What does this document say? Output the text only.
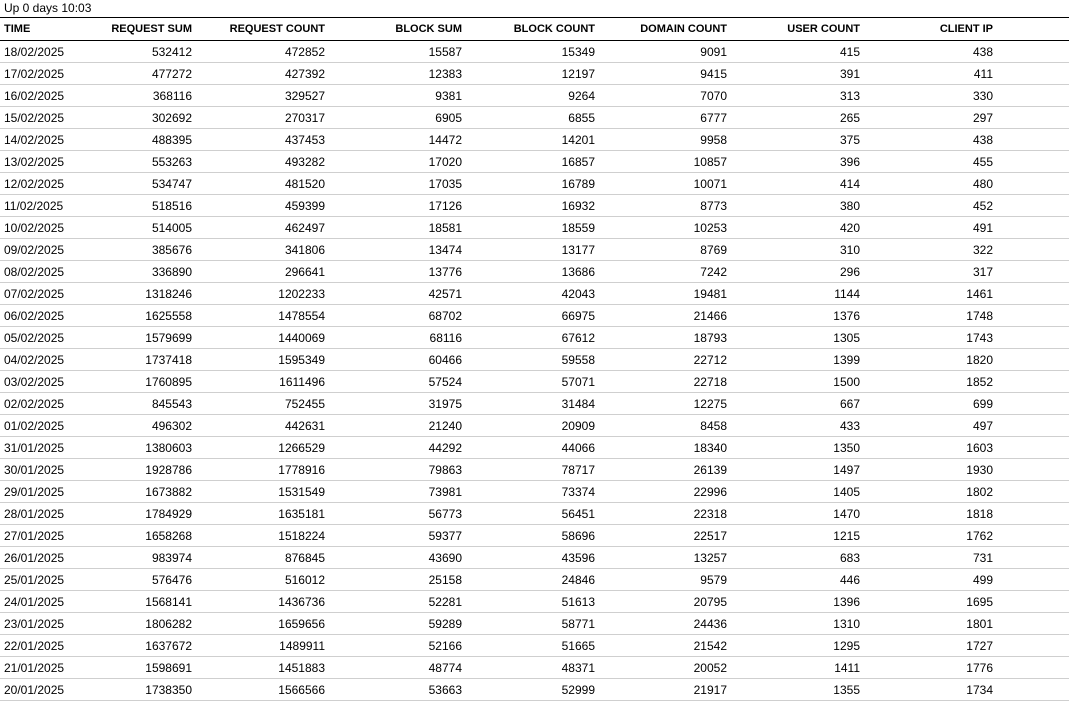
Up 0 days 10:03
TIME	REQUEST SUM	REQUEST COUNT	BLOCK SUM	BLOCK COUNT	DOMAIN COUNT	USER COUNT	CLIENT IP	
18/02/2025	532412	472852	15587	15349	9091	415	438	
17/02/2025	477272	427392	12383	12197	9415	391	411	
16/02/2025	368116	329527	9381	9264	7070	313	330	
15/02/2025	302692	270317	6905	6855	6777	265	297	
14/02/2025	488395	437453	14472	14201	9958	375	438	
13/02/2025	553263	493282	17020	16857	10857	396	455	
12/02/2025	534747	481520	17035	16789	10071	414	480	
11/02/2025	518516	459399	17126	16932	8773	380	452	
10/02/2025	514005	462497	18581	18559	10253	420	491	
09/02/2025	385676	341806	13474	13177	8769	310	322	
08/02/2025	336890	296641	13776	13686	7242	296	317	
07/02/2025	1318246	1202233	42571	42043	19481	1144	1461	
06/02/2025	1625558	1478554	68702	66975	21466	1376	1748	
05/02/2025	1579699	1440069	68116	67612	18793	1305	1743	
04/02/2025	1737418	1595349	60466	59558	22712	1399	1820	
03/02/2025	1760895	1611496	57524	57071	22718	1500	1852	
02/02/2025	845543	752455	31975	31484	12275	667	699	
01/02/2025	496302	442631	21240	20909	8458	433	497	
31/01/2025	1380603	1266529	44292	44066	18340	1350	1603	
30/01/2025	1928786	1778916	79863	78717	26139	1497	1930	
29/01/2025	1673882	1531549	73981	73374	22996	1405	1802	
28/01/2025	1784929	1635181	56773	56451	22318	1470	1818	
27/01/2025	1658268	1518224	59377	58696	22517	1215	1762	
26/01/2025	983974	876845	43690	43596	13257	683	731	
25/01/2025	576476	516012	25158	24846	9579	446	499	
24/01/2025	1568141	1436736	52281	51613	20795	1396	1695	
23/01/2025	1806282	1659656	59289	58771	24436	1310	1801	
22/01/2025	1637672	1489911	52166	51665	21542	1295	1727	
21/01/2025	1598691	1451883	48774	48371	20052	1411	1776	
20/01/2025	1738350	1566566	53663	52999	21917	1355	1734	
